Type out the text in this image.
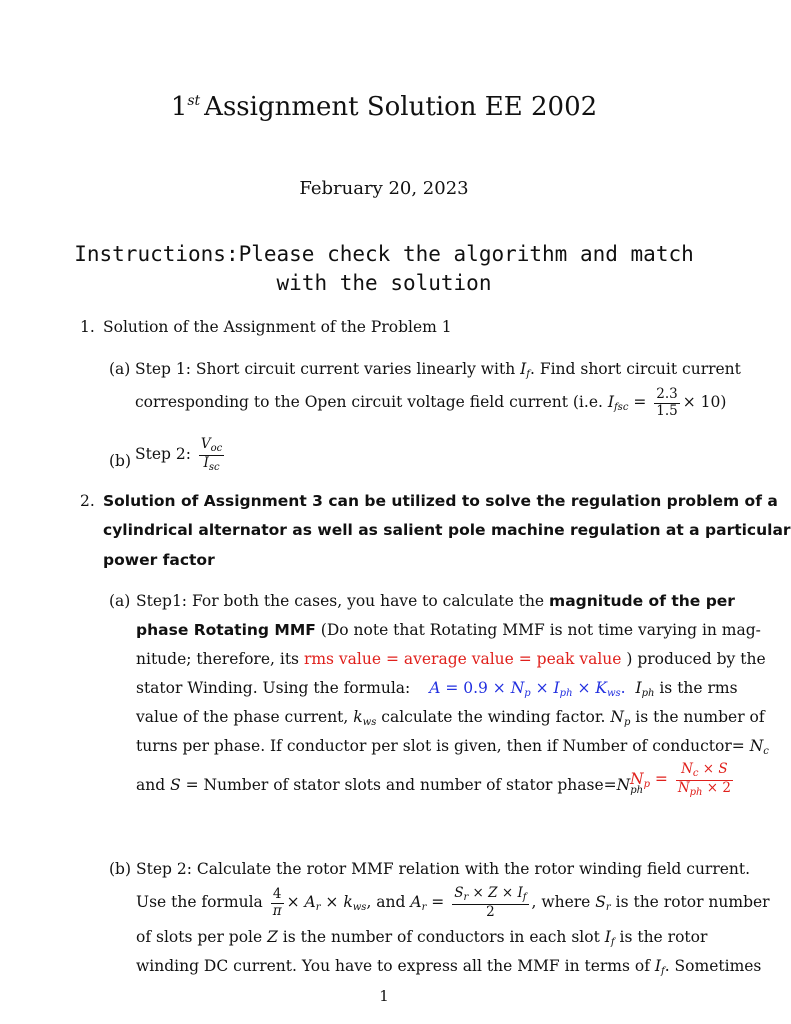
1st Assignment Solution EE 2002
February 20, 2023
Instructions:Please check the algorithm and match
with the solution
1. Solution of the Assignment of the Problem 1
(a) Step 1: Short circuit current varies linearly with $I_f$. Find short circuit current
corresponding to the Open circuit voltage field current (i.e. $I_{fsc} = \frac{2.3}{1.5} \times 10$)
(b) Step 2: $\frac{V_{oc}}{I_{sc}}$
2. Solution of Assignment 3 can be utilized to solve the regulation problem of a
cylindrical alternator as well as salient pole machine regulation at a particular
power factor
(a) Step1: For both the cases, you have to calculate the magnitude of the per
phase Rotating MMF (Do note that Rotating MMF is not time varying in mag-
nitude; therefore, its rms value = average value = peak value ) produced by the
stator Winding. Using the formula: $A = 0.9 \times N_p \times I_{ph} \times K_{ws}$. $I_{ph}$ is the rms
value of the phase current, $k_{ws}$ calculate the winding factor. $N_p$ is the number of
turns per phase. If conductor per slot is given, then if Number of conductor= $N_c$
and S = Number of stator slots and number of stator $phase=N_{ph}$
$N_p = \frac{N_c \times S}{N_{ph} \times 2}$
(b) Step 2: Calculate the rotor MMF relation with the rotor winding field current.
Use the formula $\frac{4}{\pi} \times A_r \times k_{ws}$, and $A_r = \frac{S_r \times Z \times I_f}{2}$ , where $S_r$ is the rotor number
of slots per pole Z is the number of conductors in each slot $I_f$ is the rotor
winding DC current. You have to express all the MMF in terms of $I_f$. Sometimes
1
